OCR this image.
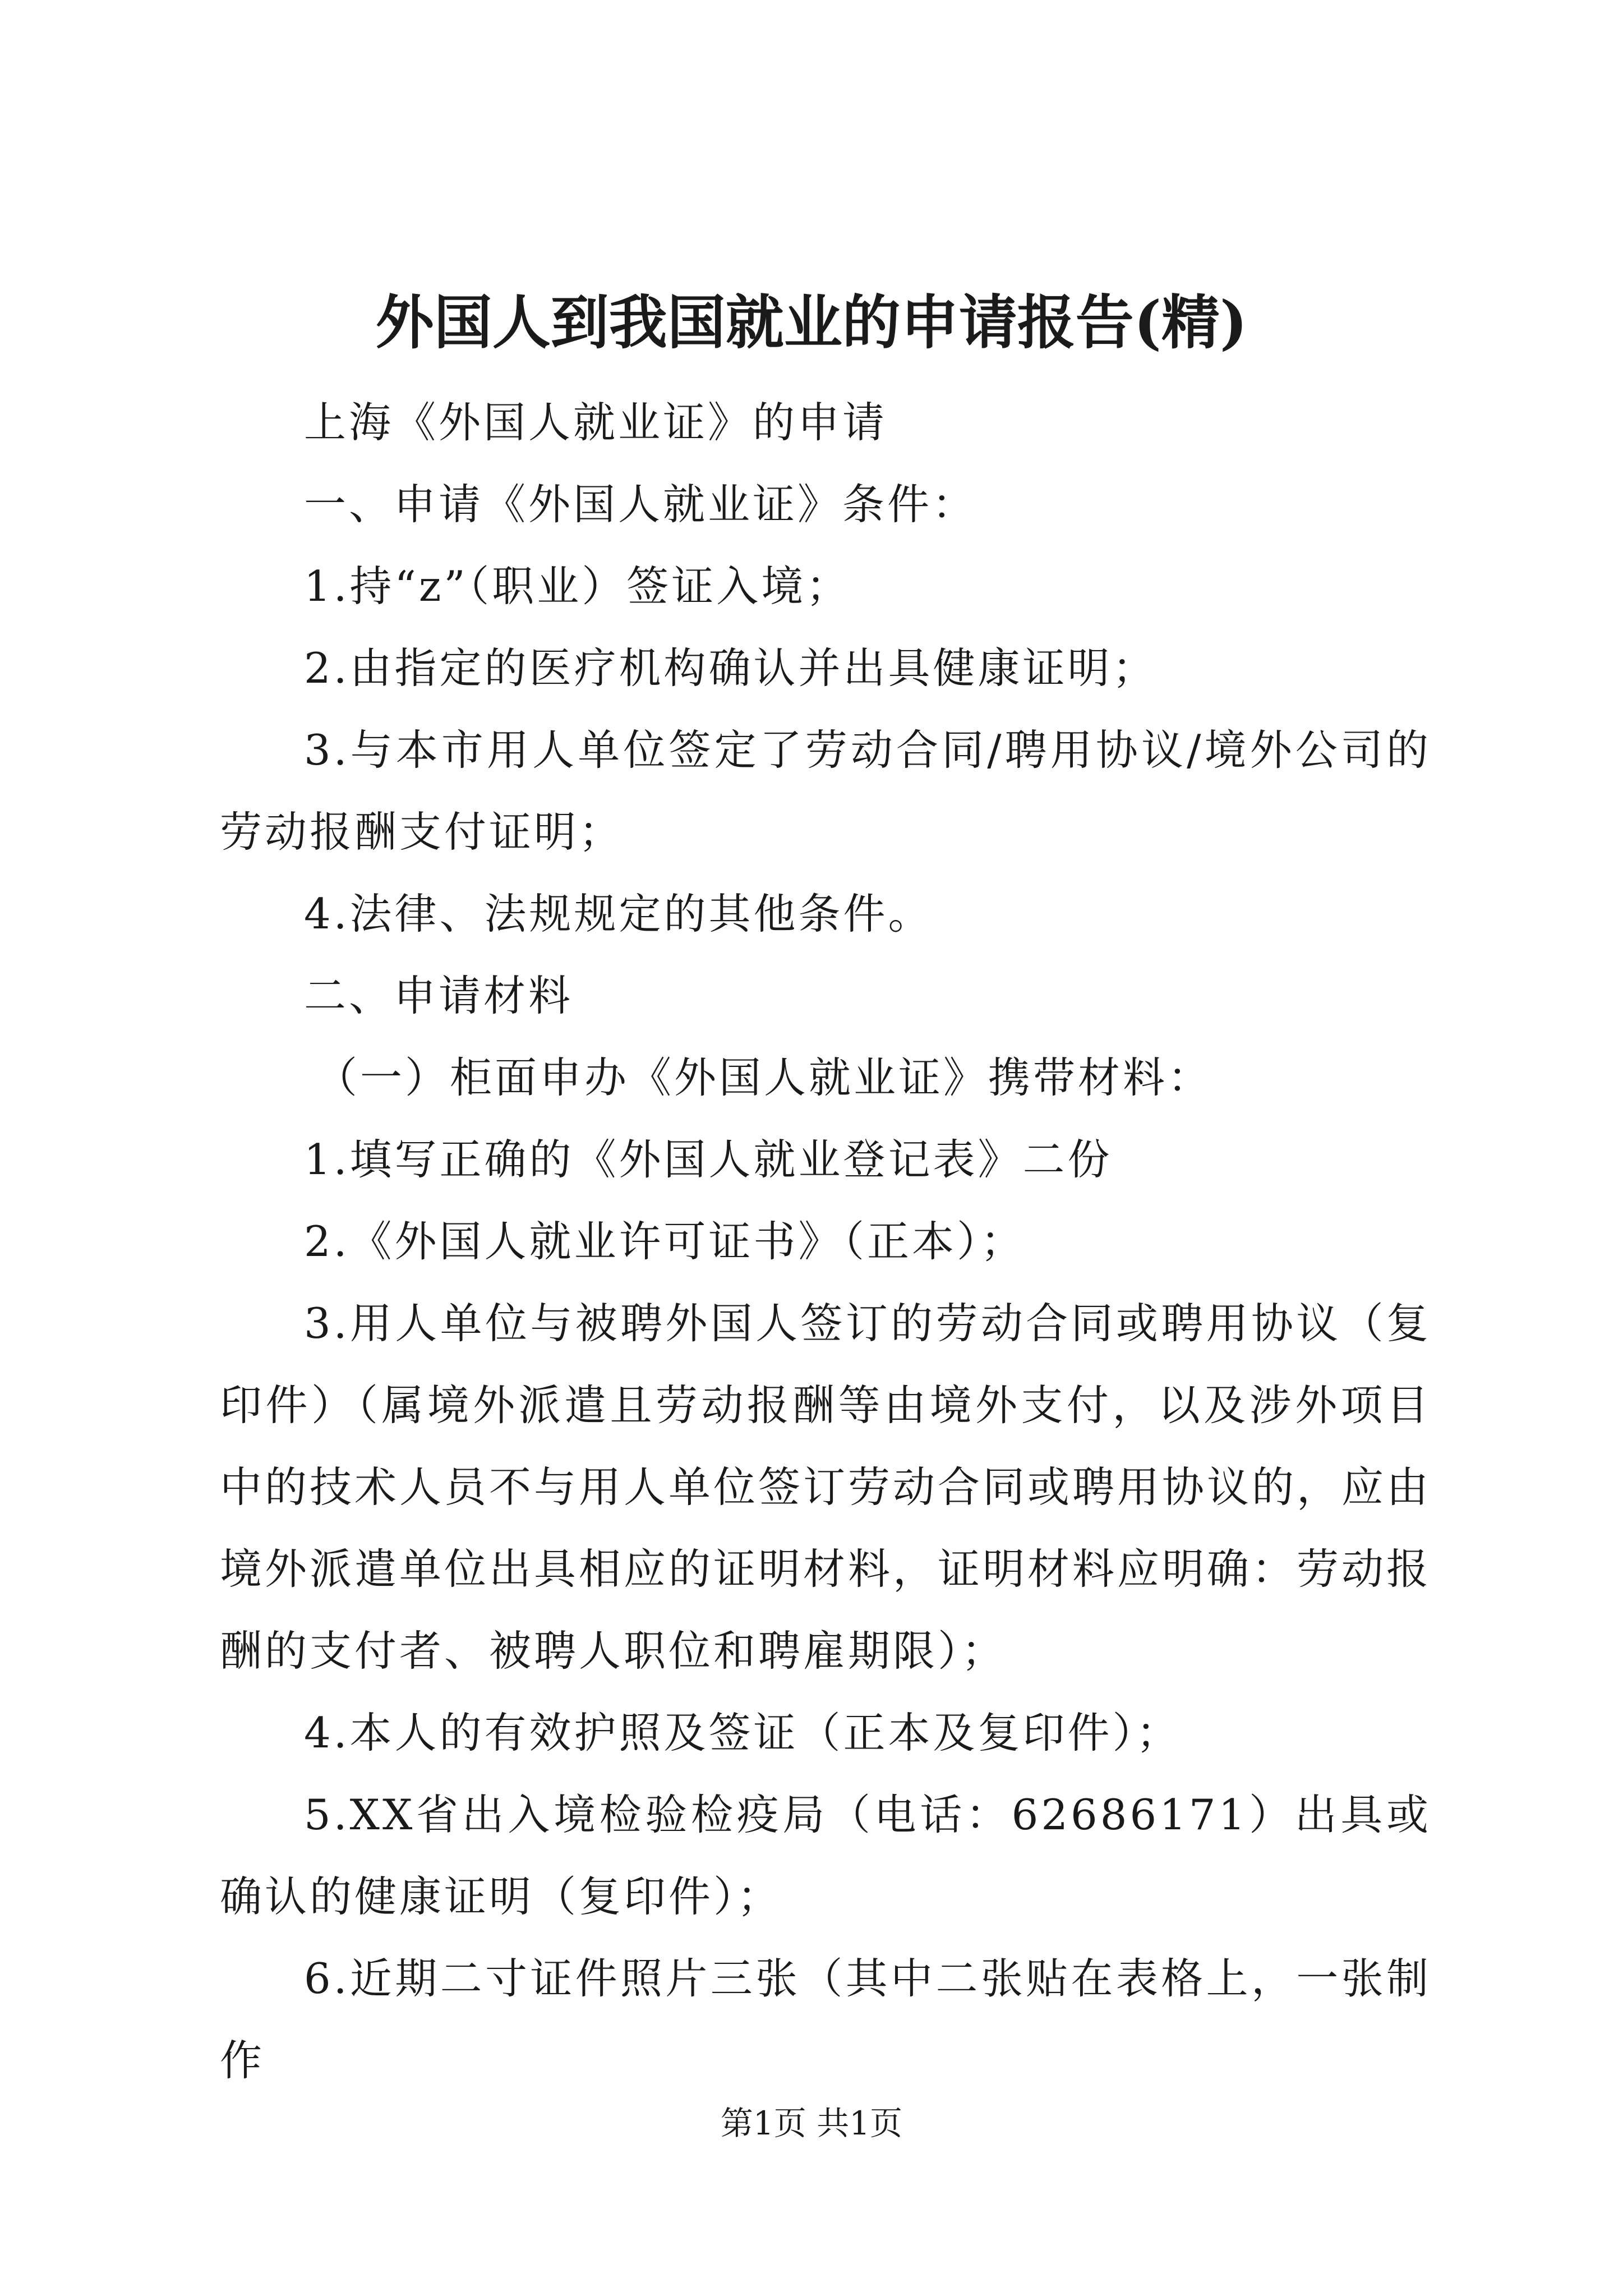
外国人到我国就业的申请报告(精)

上海《外国人就业证》的申请

一、申请《外国人就业证》条件：

1.持“z”（职业）签证入境；

2.由指定的医疗机构确认并出具健康证明；

3.与本市用人单位签定了劳动合同/聘用协议/境外公司的劳动报酬支付证明；

4.法律、法规规定的其他条件。

二、申请材料

（一）柜面申办《外国人就业证》携带材料：

1.填写正确的《外国人就业登记表》二份

2.《外国人就业许可证书》（正本）；

3.用人单位与被聘外国人签订的劳动合同或聘用协议（复印件）（属境外派遣且劳动报酬等由境外支付，以及涉外项目中的技术人员不与用人单位签订劳动合同或聘用协议的，应由境外派遣单位出具相应的证明材料，证明材料应明确：劳动报酬的支付者、被聘人职位和聘雇期限）；

4.本人的有效护照及签证（正本及复印件）；

5.XX省出入境检验检疫局（电话：62686171）出具或确认的健康证明（复印件）；

6.近期二寸证件照片三张（其中二张贴在表格上，一张制作

第1页 共1页
